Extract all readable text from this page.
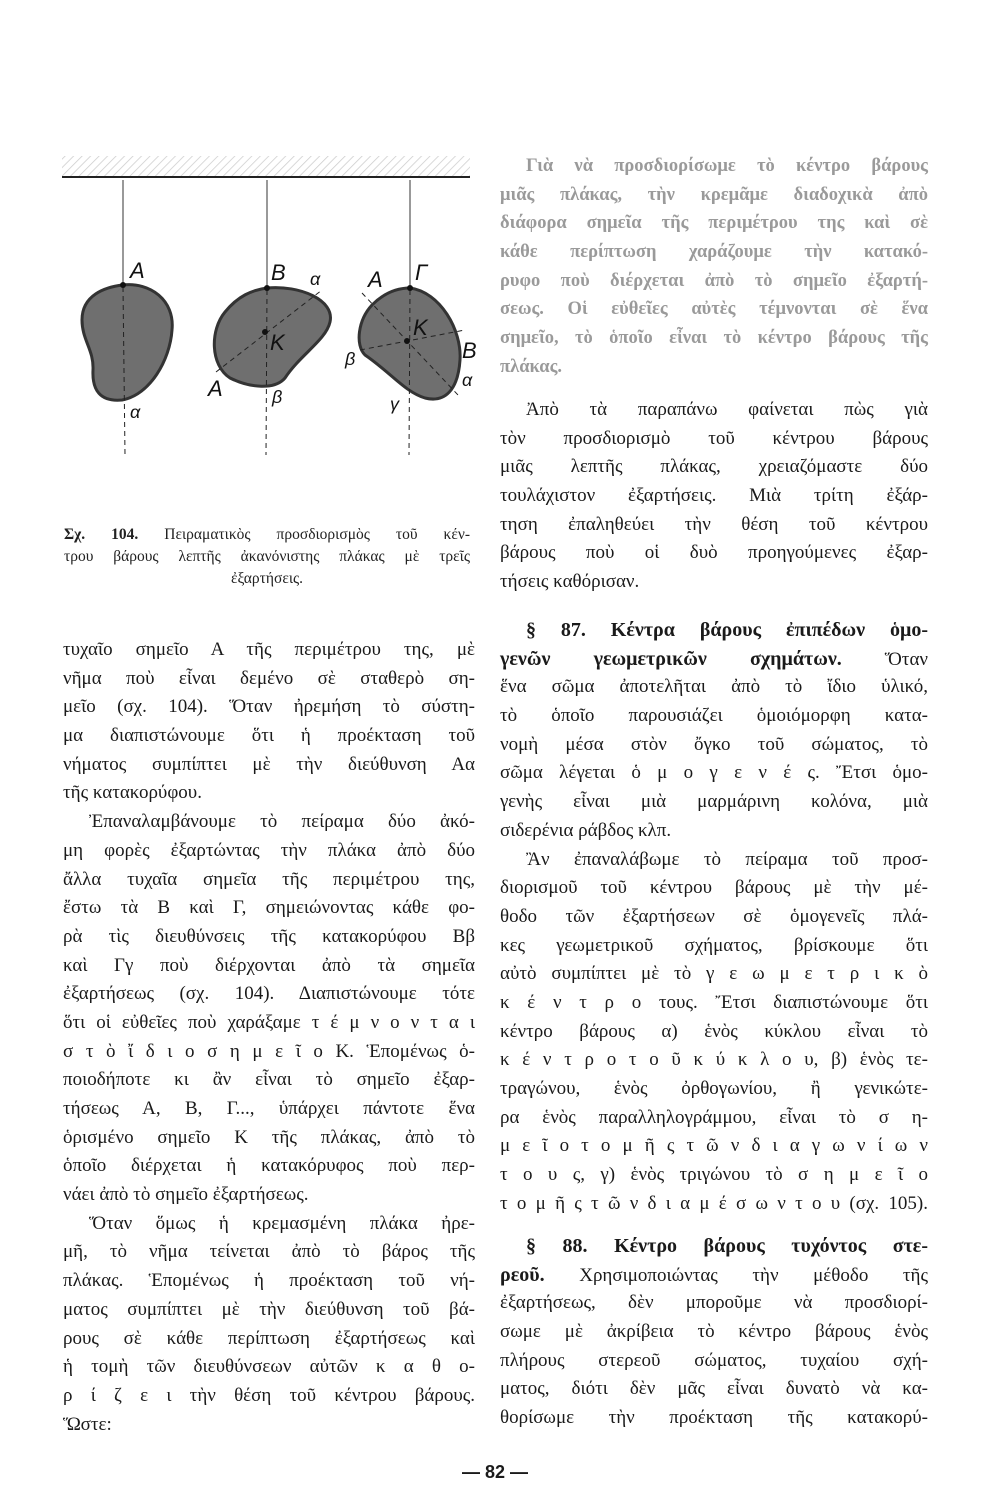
A
α
B α
K
A	β
A Γ
K
B
β
α
γ
Σχ. 104. Πειραματικὸς προσδιορισμὸς τοῦ κέν-
τρου βάρους λεπτῆς ἀκανόνιστης πλάκας μὲ τρεῖς
ἐξαρτήσεις.
τυχαῖο σημεῖο Α τῆς περιμέτρου της, μὲ
νῆμα ποὺ εἶναι δεμένο σὲ σταθερὸ ση-
μεῖο (σχ. 104). Ὅταν ἠρεμήση τὸ σύστη-
μα διαπιστώνουμε ὅτι ἡ προέκταση τοῦ
νήματος συμπίπτει μὲ τὴν διεύθυνση Αα
τῆς κατακορύφου.
Ἐπαναλαμβάνουμε τὸ πείραμα δύο ἀκό-
μη φορὲς ἐξαρτώντας τὴν πλάκα ἀπὸ δύο
ἄλλα τυχαῖα σημεῖα τῆς περιμέτρου της,
ἔστω τὰ Β καὶ Γ, σημειώνοντας κάθε φο-
ρὰ τὶς διευθύνσεις τῆς κατακορύφου Ββ
καὶ Γγ ποὺ διέρχονται ἀπὸ τὰ σημεῖα
ἐξαρτήσεως (σχ. 104). Διαπιστώνουμε τότε
ὅτι οἱ εὐθεῖες ποὺ χαράξαμε τ έ μ ν ο ν τ α ι
σ τ ὸ ἴ δ ι ο σ η μ ε ῖ ο Κ. Ἑπομένως ὁ-
ποιοδήποτε κι ἂν εἶναι τὸ σημεῖο ἐξαρ-
τήσεως Α, Β, Γ..., ὑπάρχει πάντοτε ἕνα
ὁρισμένο σημεῖο Κ τῆς πλάκας, ἀπὸ τὸ
ὁποῖο διέρχεται ἡ κατακόρυφος ποὺ περ-
νάει ἀπὸ τὸ σημεῖο ἐξαρτήσεως.
Ὅταν ὅμως ἡ κρεμασμένη πλάκα ἠρε-
μῆ, τὸ νῆμα τείνεται ἀπὸ τὸ βάρος τῆς
πλάκας. Ἑπομένως ἡ προέκταση τοῦ νή-
ματος συμπίπτει μὲ τὴν διεύθυνση τοῦ βά-
ρους σὲ κάθε περίπτωση ἐξαρτήσεως καὶ
ἡ τομὴ τῶν διευθύνσεων αὐτῶν κ α θ ο-
ρ ί ζ ε ι τὴν θέση τοῦ κέντρου βάρους.
Ὥστε:
Γιὰ νὰ προσδιορίσωμε τὸ κέντρο βάρους
μιᾶς πλάκας, τὴν κρεμᾶμε διαδοχικὰ ἀπὸ
διάφορα σημεῖα τῆς περιμέτρου της καὶ σὲ
κάθε περίπτωση χαράζουμε τὴν κατακό-
ρυφο ποὺ διέρχεται ἀπὸ τὸ σημεῖο ἐξαρτή-
σεως. Οἱ εὐθεῖες αὐτὲς τέμνονται σὲ ἕνα
σημεῖο, τὸ ὁποῖο εἶναι τὸ κέντρο βάρους τῆς
πλάκας.
Ἀπὸ τὰ παραπάνω φαίνεται πὼς γιὰ
τὸν προσδιορισμὸ τοῦ κέντρου βάρους
μιᾶς λεπτῆς πλάκας, χρειαζόμαστε δύο
τουλάχιστον ἐξαρτήσεις. Μιὰ τρίτη ἐξάρ-
τηση ἐπαληθεύει τὴν θέση τοῦ κέντρου
βάρους ποὺ οἱ δυὸ προηγούμενες ἐξαρ-
τήσεις καθόρισαν.
§ 87. Κέντρα βάρους ἐπιπέδων ὁμο-
γενῶν γεωμετρικῶν σχημάτων. Ὅταν
ἕνα σῶμα ἀποτελῆται ἀπὸ τὸ ἴδιο ὑλικό,
τὸ ὁποῖο παρουσιάζει ὁμοιόμορφη κατα-
νομὴ μέσα στὸν ὄγκο τοῦ σώματος, τὸ
σῶμα λέγεται ὁ μ ο γ ε ν έ ς. Ἔτσι ὁμο-
γενὴς εἶναι μιὰ μαρμάρινη κολόνα, μιὰ
σιδερένια ράβδος κλπ.
Ἂν ἐπαναλάβωμε τὸ πείραμα τοῦ προσ-
διορισμοῦ τοῦ κέντρου βάρους μὲ τὴν μέ-
θοδο τῶν ἐξαρτήσεων σὲ ὁμογενεῖς πλά-
κες γεωμετρικοῦ σχήματος, βρίσκουμε ὅτι
αὐτὸ συμπίπτει μὲ τὸ γ ε ω μ ε τ ρ ι κ ὸ
κ έ ν τ ρ ο τους. Ἔτσι διαπιστώνουμε ὅτι
κέντρο βάρους α) ἑνὸς κύκλου εἶναι τὸ
κ έ ν τ ρ ο τ ο ῦ κ ύ κ λ ο υ, β) ἑνὸς τε-
τραγώνου, ἑνὸς ὀρθογωνίου, ἢ γενικώτε-
ρα ἑνὸς παραλληλογράμμου, εἶναι τὸ σ η-
μ ε ῖ ο τ ο μ ῆ ς τ ῶ ν δ ι α γ ω ν ί ω ν
τ ο υ ς, γ) ἑνὸς τριγώνου τὸ σ η μ ε ῖ ο
τ ο μ ῆ ς τ ῶ ν δ ι α μ έ σ ω ν τ ο υ (σχ. 105).
§ 88. Κέντρο βάρους τυχόντος στε-
ρεοῦ. Χρησιμοποιώντας τὴν μέθοδο τῆς
ἐξαρτήσεως, δὲν μποροῦμε νὰ προσδιορί-
σωμε μὲ ἀκρίβεια τὸ κέντρο βάρους ἑνὸς
πλήρους στερεοῦ σώματος, τυχαίου σχή-
ματος, διότι δὲν μᾶς εἶναι δυνατὸ νὰ κα-
θορίσωμε τὴν προέκταση τῆς κατακορύ-
— 82 —
